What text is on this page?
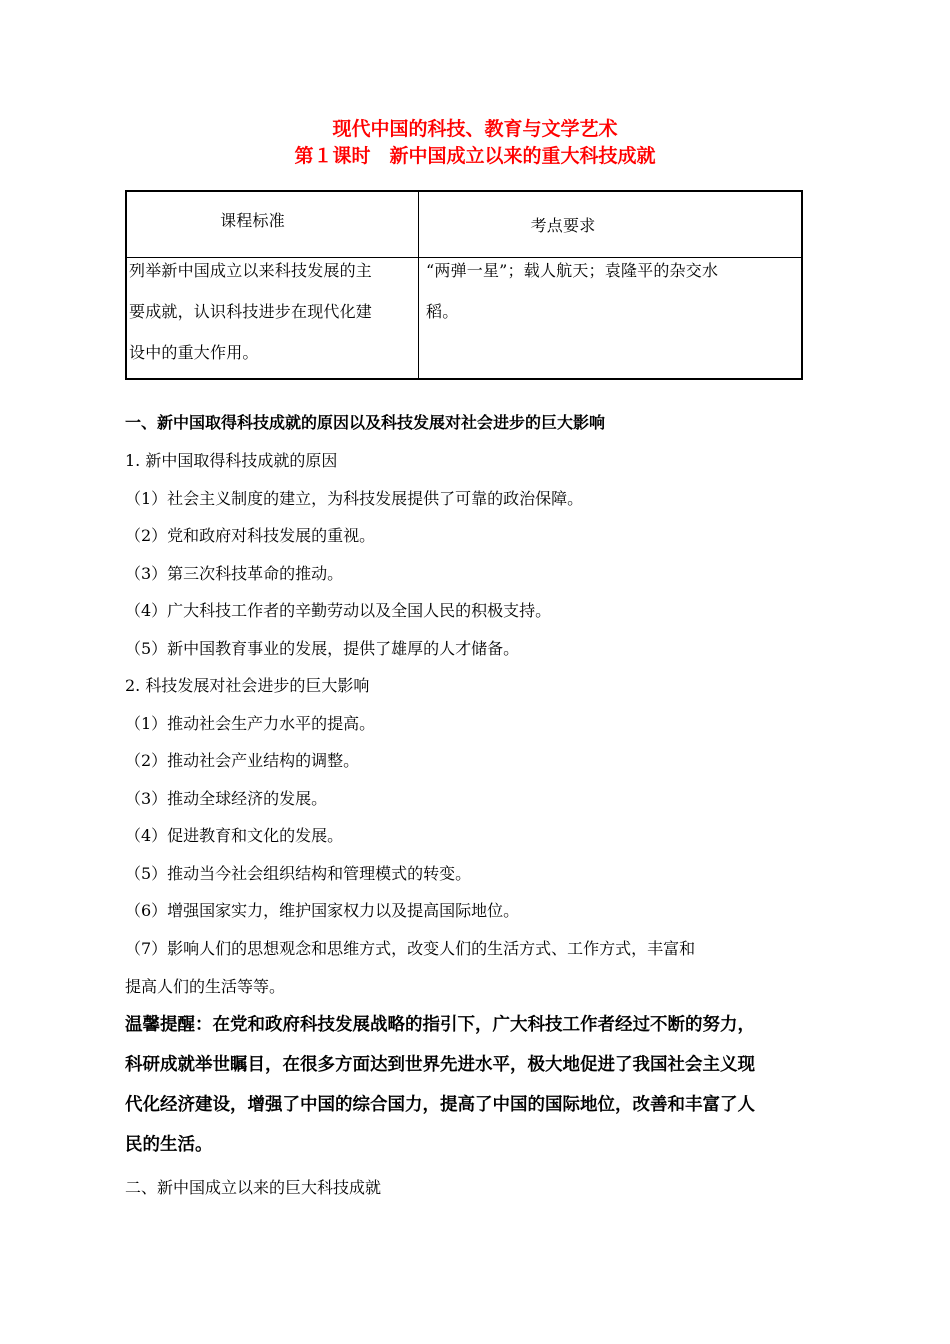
现代中国的科技、教育与文学艺术
第１课时　新中国成立以来的重大科技成就
课程标准	考点要求
列举新中国成立以来科技发展的主
要成就，认识科技进步在现代化建
设中的重大作用。
“两弹一星”；载人航天；袁隆平的杂交水
稻。
一、新中国取得科技成就的原因以及科技发展对社会进步的巨大影响
1. 新中国取得科技成就的原因
（1）社会主义制度的建立，为科技发展提供了可靠的政治保障。
（2）党和政府对科技发展的重视。
（3）第三次科技革命的推动。
（4）广大科技工作者的辛勤劳动以及全国人民的积极支持。
（5）新中国教育事业的发展，提供了雄厚的人才储备。
2. 科技发展对社会进步的巨大影响
（1）推动社会生产力水平的提高。
（2）推动社会产业结构的调整。
（3）推动全球经济的发展。
（4）促进教育和文化的发展。
（5）推动当今社会组织结构和管理模式的转变。
（6）增强国家实力，维护国家权力以及提高国际地位。
（7）影响人们的思想观念和思维方式，改变人们的生活方式、工作方式，丰富和
提高人们的生活等等。
温馨提醒：在党和政府科技发展战略的指引下，广大科技工作者经过不断的努力，
科研成就举世瞩目，在很多方面达到世界先进水平，极大地促进了我国社会主义现
代化经济建设，增强了中国的综合国力，提高了中国的国际地位，改善和丰富了人
民的生活。
二、新中国成立以来的巨大科技成就
